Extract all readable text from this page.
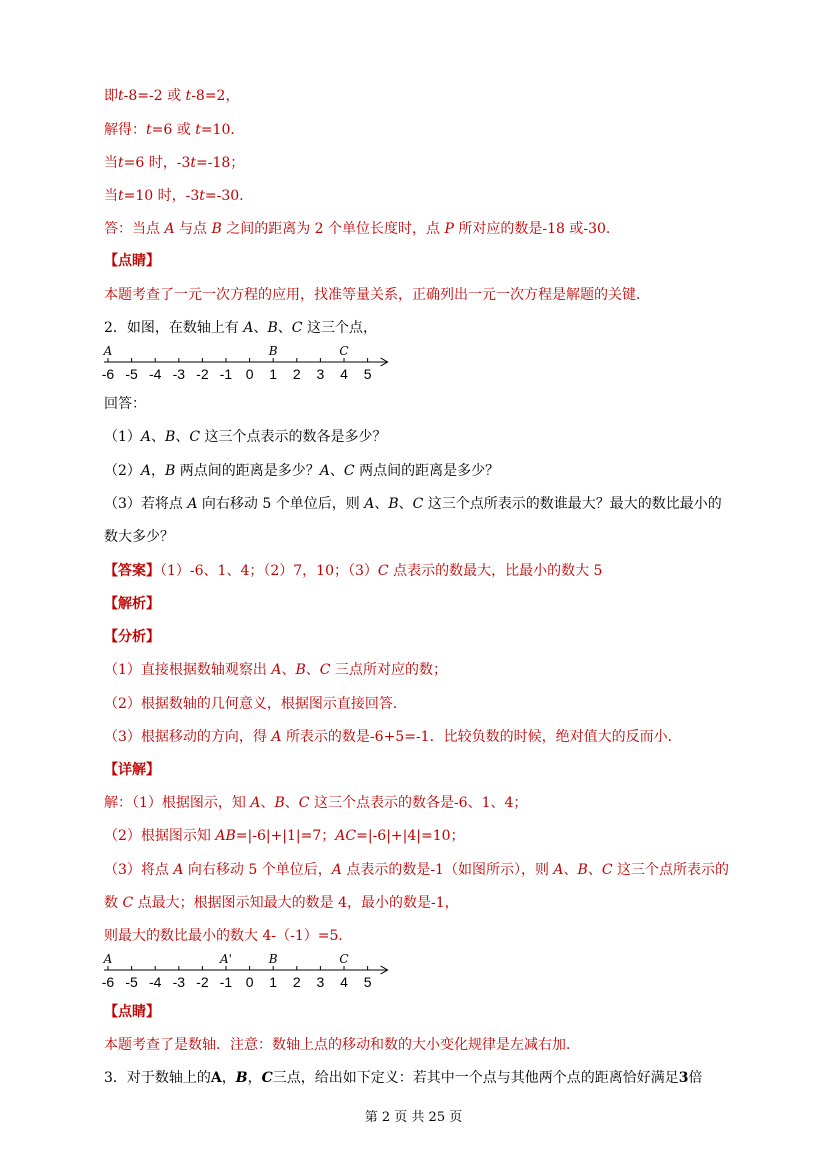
即t-8=-2 或 t-8=2，
解得：t=6 或 t=10．
当t=6 时，-3t=-18；
当t=10 时，-3t=-30．
答：当点 A 与点 B 之间的距离为 2 个单位长度时，点 P 所对应的数是-18 或-30．
【点睛】
本题考查了一元一次方程的应用，找准等量关系，正确列出一元一次方程是解题的关键．
2．如图，在数轴上有 A、B、C 这三个点，
-6 -5 -4 -3 -2 -1 0 1 2 3 4 5
A	B	C
回答：
（1）A、B、C 这三个点表示的数各是多少？
（2）A，B 两点间的距离是多少？A、C 两点间的距离是多少？
（3）若将点 A 向右移动 5 个单位后，则 A、B、C 这三个点所表示的数谁最大？最大的数比最小的
数大多少？
【答案】（1）-6、1、4；（2）7，10；（3）C 点表示的数最大，比最小的数大 5
【解析】
【分析】
（1）直接根据数轴观察出 A、B、C 三点所对应的数；
（2）根据数轴的几何意义，根据图示直接回答．
（3）根据移动的方向，得 A 所表示的数是-6+5=-1．比较负数的时候，绝对值大的反而小．
【详解】
解：（1）根据图示，知 A、B、C 这三个点表示的数各是-6、1、4；
（2）根据图示知 AB=|-6|+|1|=7；AC=|-6|+|4|=10；
（3）将点 A 向右移动 5 个单位后，A 点表示的数是-1（如图所示），则 A、B、C 这三个点所表示的
数 C 点最大；根据图示知最大的数是 4，最小的数是-1，
则最大的数比最小的数大 4-（-1）=5．
-6 -5 -4 -3 -2 -1 0 1 2 3 4 5
A	A'	B	C
【点睛】
本题考查了是数轴．注意：数轴上点的移动和数的大小变化规律是左减右加．
3．对于数轴上的A，B，C三点，给出如下定义：若其中一个点与其他两个点的距离恰好满足3倍
第 2 页 共 25 页
